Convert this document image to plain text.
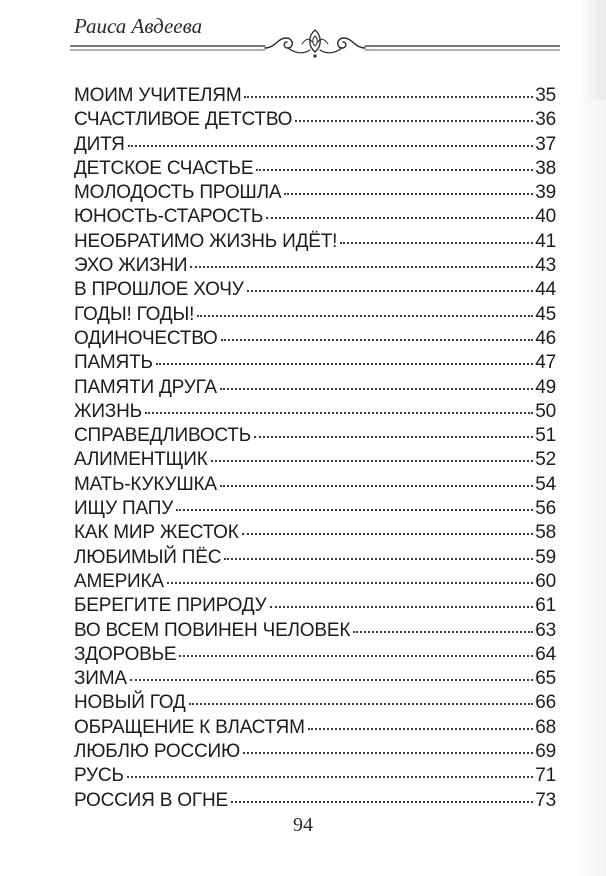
Раиса Авдеева
МОИМ УЧИТЕЛЯМ	35
СЧАСТЛИВОЕ ДЕТСТВО	36
ДИТЯ	37
ДЕТСКОЕ СЧАСТЬЕ	38
МОЛОДОСТЬ ПРОШЛА	39
ЮНОСТЬ-СТАРОСТЬ	40
НЕОБРАТИМО ЖИЗНЬ ИДЁТ!	41
ЭХО ЖИЗНИ	43
В ПРОШЛОЕ ХОЧУ	44
ГОДЫ! ГОДЫ!	45
ОДИНОЧЕСТВО	46
ПАМЯТЬ	47
ПАМЯТИ ДРУГА	49
ЖИЗНЬ	50
СПРАВЕДЛИВОСТЬ	51
АЛИМЕНТЩИК	52
МАТЬ-КУКУШКА	54
ИЩУ ПАПУ	56
КАК МИР ЖЕСТОК	58
ЛЮБИМЫЙ ПЁС	59
АМЕРИКА	60
БЕРЕГИТЕ ПРИРОДУ	61
ВО ВСЕМ ПОВИНЕН ЧЕЛОВЕК	63
ЗДОРОВЬЕ	64
ЗИМА	65
НОВЫЙ ГОД	66
ОБРАЩЕНИЕ К ВЛАСТЯМ	68
ЛЮБЛЮ РОССИЮ	69
РУСЬ	71
РОССИЯ В ОГНЕ	73
94
